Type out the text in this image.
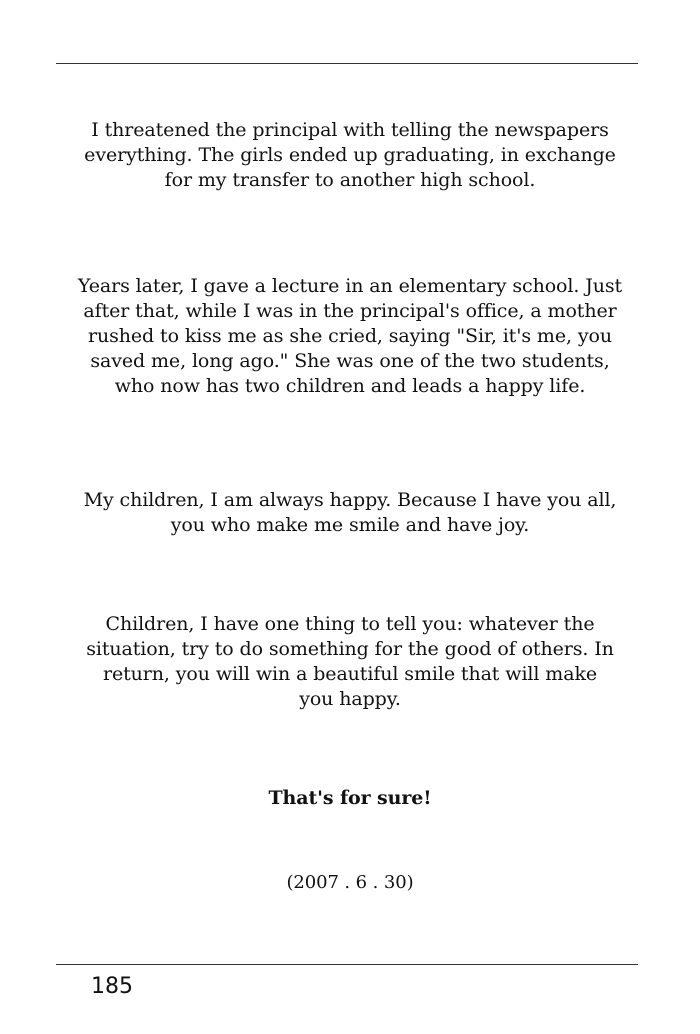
I threatened the principal with telling the newspapers
everything. The girls ended up graduating, in exchange
for my transfer to another high school.
Years later, I gave a lecture in an elementary school. Just
after that, while I was in the principal's office, a mother
rushed to kiss me as she cried, saying "Sir, it's me, you
saved me, long ago." She was one of the two students,
who now has two children and leads a happy life.
My children, I am always happy. Because I have you all,
you who make me smile and have joy.
Children, I have one thing to tell you: whatever the
situation, try to do something for the good of others. In
return, you will win a beautiful smile that will make
you happy.
That's for sure!
(2007 . 6 . 30)
185
